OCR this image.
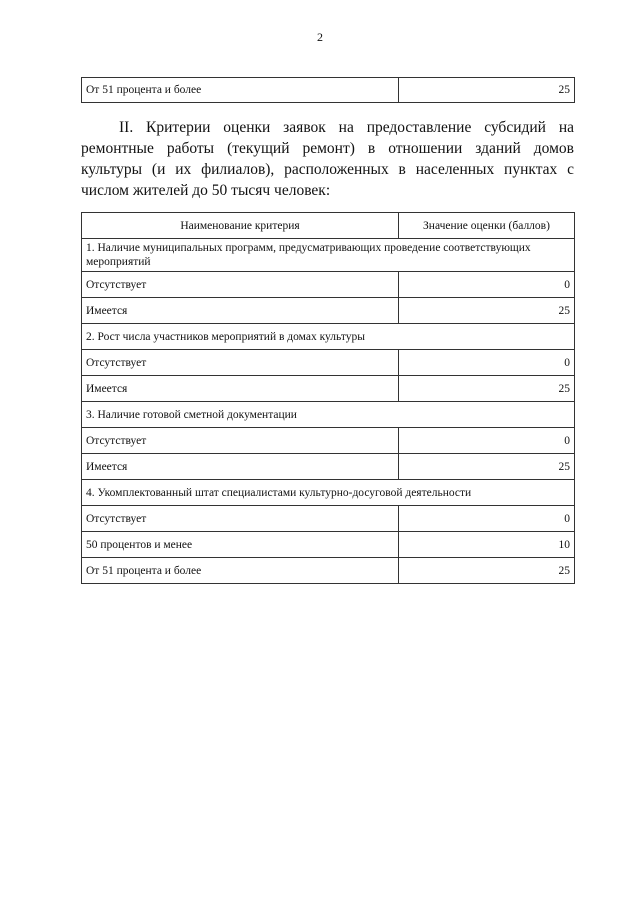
2
От 51 процента и более	25

II. Критерии оценки заявок на предоставление субсидий на ремонтные работы (текущий ремонт) в отношении зданий домов культуры (и их филиалов), расположенных в населенных пунктах с числом жителей до 50 тысяч человек:

Наименование критерия	Значение оценки (баллов)
1. Наличие муниципальных программ, предусматривающих проведение соответствующих мероприятий	
Отсутствует	0
Имеется	25
2. Рост числа участников мероприятий в домах культуры	
Отсутствует	0
Имеется	25
3. Наличие готовой сметной документации	
Отсутствует	0
Имеется	25
4. Укомплектованный штат специалистами культурно-досуговой деятельности	
Отсутствует	0
50 процентов и менее	10
От 51 процента и более	25
